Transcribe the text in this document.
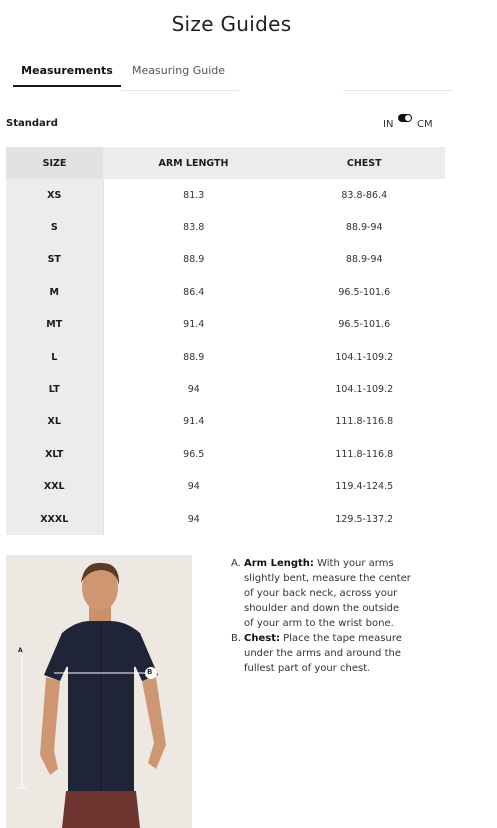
Size Guides
Measurements	Measuring Guide
Standard	IN CM
SIZE	ARM LENGTH	CHEST
XS	81.3	83.8-86.4
S	83.8	88.9-94
ST	88.9	88.9-94
M	86.4	96.5-101.6
MT	91.4	96.5-101.6
L	88.9	104.1-109.2
LT	94	104.1-109.2
XL	91.4	111.8-116.8
XLT	96.5	111.8-116.8
XXL	94	119.4-124.5
XXXL	94	129.5-137.2
A
B
A. Arm Length: With your arms slightly bent, measure the center of your back neck, across your shoulder and down the outside of your arm to the wrist bone.
B. Chest: Place the tape measure under the arms and around the fullest part of your chest.
